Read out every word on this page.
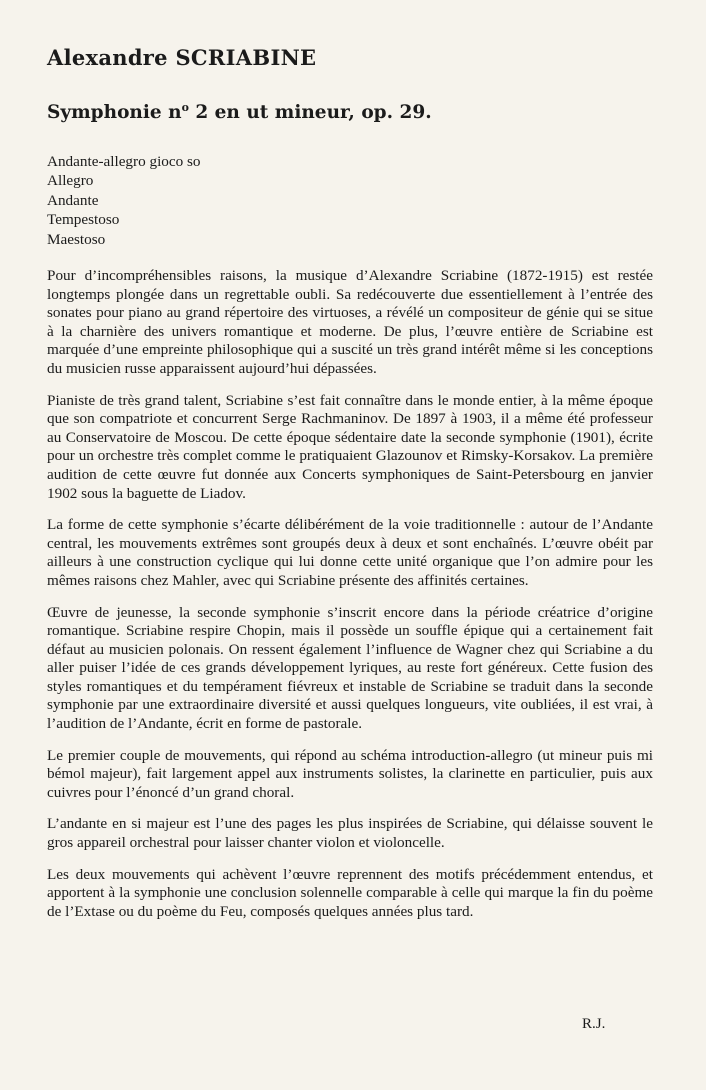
Alexandre SCRIABINE
Symphonie $n^o$ 2 en ut mineur, op. 29.
Andante-allegro gioco so
Allegro
Andante
Tempestoso
Maestoso

Pour d’incompréhensibles raisons, la musique d’Alexandre Scriabine (1872-1915) est restée longtemps plongée dans un regrettable oubli. Sa redécouverte due essentiellement à l’entrée des sonates pour piano au grand répertoire des virtuoses, a révélé un compositeur de génie qui se situe à la charnière des univers romantique et moderne. De plus, l’œuvre entière de Scriabine est marquée d’une empreinte philosophique qui a suscité un très grand intérêt même si les conceptions du musicien russe apparaissent aujourd’hui dépassées.

Pianiste de très grand talent, Scriabine s’est fait connaître dans le monde entier, à la même époque que son compatriote et concurrent Serge Rachmaninov. De 1897 à 1903, il a même été professeur au Conservatoire de Moscou. De cette époque sédentaire date la seconde symphonie (1901), écrite pour un orchestre très complet comme le pratiquaient Glazounov et Rimsky-Korsakov. La première audition de cette œuvre fut donnée aux Concerts symphoniques de Saint-Petersbourg en janvier 1902 sous la baguette de Liadov.

La forme de cette symphonie s’écarte délibérément de la voie traditionnelle : autour de l’Andante central, les mouvements extrêmes sont groupés deux à deux et sont enchaînés. L’œuvre obéit par ailleurs à une construction cyclique qui lui donne cette unité organique que l’on admire pour les mêmes raisons chez Mahler, avec qui Scriabine présente des affinités certaines.

Œuvre de jeunesse, la seconde symphonie s’inscrit encore dans la période créatrice d’origine romantique. Scriabine respire Chopin, mais il possède un souffle épique qui a certainement fait défaut au musicien polonais. On ressent également l’influence de Wagner chez qui Scriabine a du aller puiser l’idée de ces grands développement lyriques, au reste fort généreux. Cette fusion des styles romantiques et du tempérament fiévreux et instable de Scriabine se traduit dans la seconde symphonie par une extraordinaire diversité et aussi quelques longueurs, vite oubliées, il est vrai, à l’audition de l’Andante, écrit en forme de pastorale.

Le premier couple de mouvements, qui répond au schéma introduction-allegro (ut mineur puis mi bémol majeur), fait largement appel aux instruments solistes, la clarinette en particulier, puis aux cuivres pour l’énoncé d’un grand choral.

L’andante en si majeur est l’une des pages les plus inspirées de Scriabine, qui délaisse souvent le gros appareil orchestral pour laisser chanter violon et violoncelle.

Les deux mouvements qui achèvent l’œuvre reprennent des motifs précédemment entendus, et apportent à la symphonie une conclusion solennelle comparable à celle qui marque la fin du poème de l’Extase ou du poème du Feu, composés quelques années plus tard.

R.J.
